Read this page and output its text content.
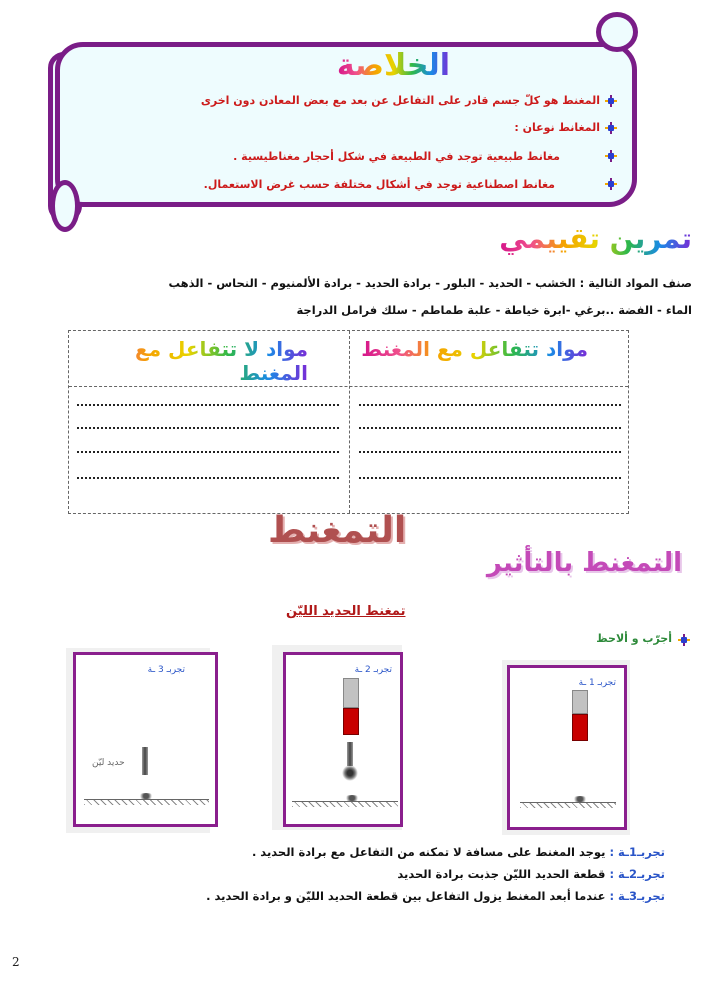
الخلاصة
المغنط هو كلّ جسم قادر على التفاعل عن بعد مع بعض المعادن دون اخرى
المغانط نوعان :
مغانط طبيعية توجد في الطبيعة في شكل أحجار مغناطيسية .
مغانط اصطناعية توجد في أشكال مختلفة حسب غرض الاستعمال.
تمرين تقييمي
صنف المواد التالية : الخشب - الحديد - البلور - برادة الحديد - برادة الألمنيوم - النحاس - الذهب
الماء - الفضة ..برغي -ابرة خياطة - علبة طماطم - سلك فرامل الدراجة
مواد تتفاعل مع المغنط
مواد لا تتفاعل مع المغنط
التمغنط
التمغنط بالتأثير
تمغنط الحديد الليّن
أجرّب و ألاحظ
تجربـ 1 ـة
تجربـ 2 ـة
تجربـ 3 ـة
حديد ليّن
تجربـ1ـة : يوجد المغنط على مسافة لا تمكنه من التفاعل مع برادة الحديد .
تجربـ2ـة : قطعة الحديد الليّن جذبت برادة الحديد
تجربـ3ـة : عندما أبعد المغنط يزول التفاعل بين قطعة الحديد الليّن و برادة الحديد .
2
